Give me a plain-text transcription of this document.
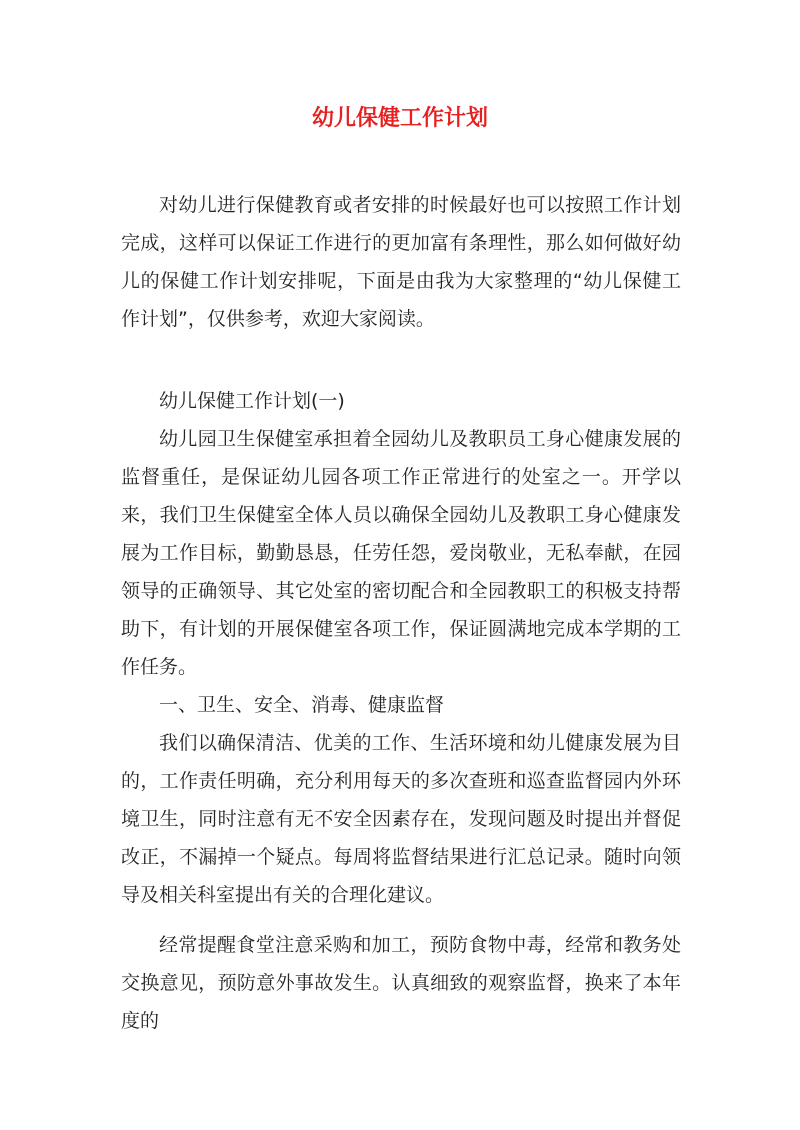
幼儿保健工作计划

对幼儿进行保健教育或者安排的时候最好也可以按照工作计划完成，这样可以保证工作进行的更加富有条理性，那么如何做好幼儿的保健工作计划安排呢，下面是由我为大家整理的“幼儿保健工作计划”，仅供参考，欢迎大家阅读。

幼儿保健工作计划(一)

幼儿园卫生保健室承担着全园幼儿及教职员工身心健康发展的监督重任，是保证幼儿园各项工作正常进行的处室之一。开学以来，我们卫生保健室全体人员以确保全园幼儿及教职工身心健康发展为工作目标，勤勤恳恳，任劳任怨，爱岗敬业，无私奉献，在园领导的正确领导、其它处室的密切配合和全园教职工的积极支持帮助下，有计划的开展保健室各项工作，保证圆满地完成本学期的工作任务。

一、卫生、安全、消毒、健康监督

我们以确保清洁、优美的工作、生活环境和幼儿健康发展为目的，工作责任明确，充分利用每天的多次查班和巡查监督园内外环境卫生，同时注意有无不安全因素存在，发现问题及时提出并督促改正，不漏掉一个疑点。每周将监督结果进行汇总记录。随时向领导及相关科室提出有关的合理化建议。

经常提醒食堂注意采购和加工，预防食物中毒，经常和教务处交换意见，预防意外事故发生。认真细致的观察监督，换来了本年度的
